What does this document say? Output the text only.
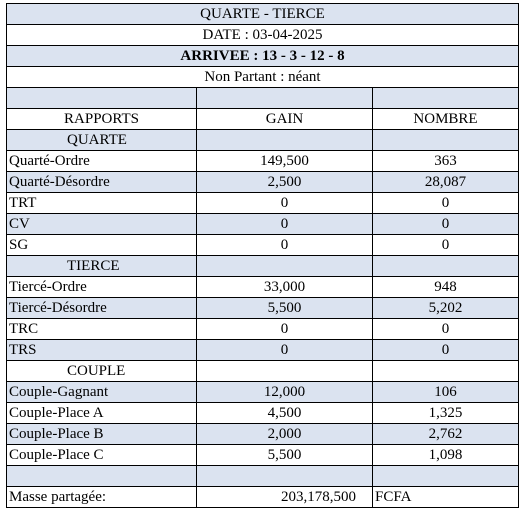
QUARTE - TIERCE		
DATE : 03-04-2025		
ARRIVEE : 13 - 3 - 12 - 8		
Non Partant : néant		

RAPPORTS	GAIN	NOMBRE
QUARTE		
Quarté-Ordre	149,500	363
Quarté-Désordre	2,500	28,087
TRT	0	0
CV	0	0
SG	0	0
TIERCE		
Tiercé-Ordre	33,000	948
Tiercé-Désordre	5,500	5,202
TRC	0	0
TRS	0	0
COUPLE		
Couple-Gagnant	12,000	106
Couple-Place A	4,500	1,325
Couple-Place B	2,000	2,762
Couple-Place C	5,500	1,098

Masse partagée:	203,178,500	FCFA
